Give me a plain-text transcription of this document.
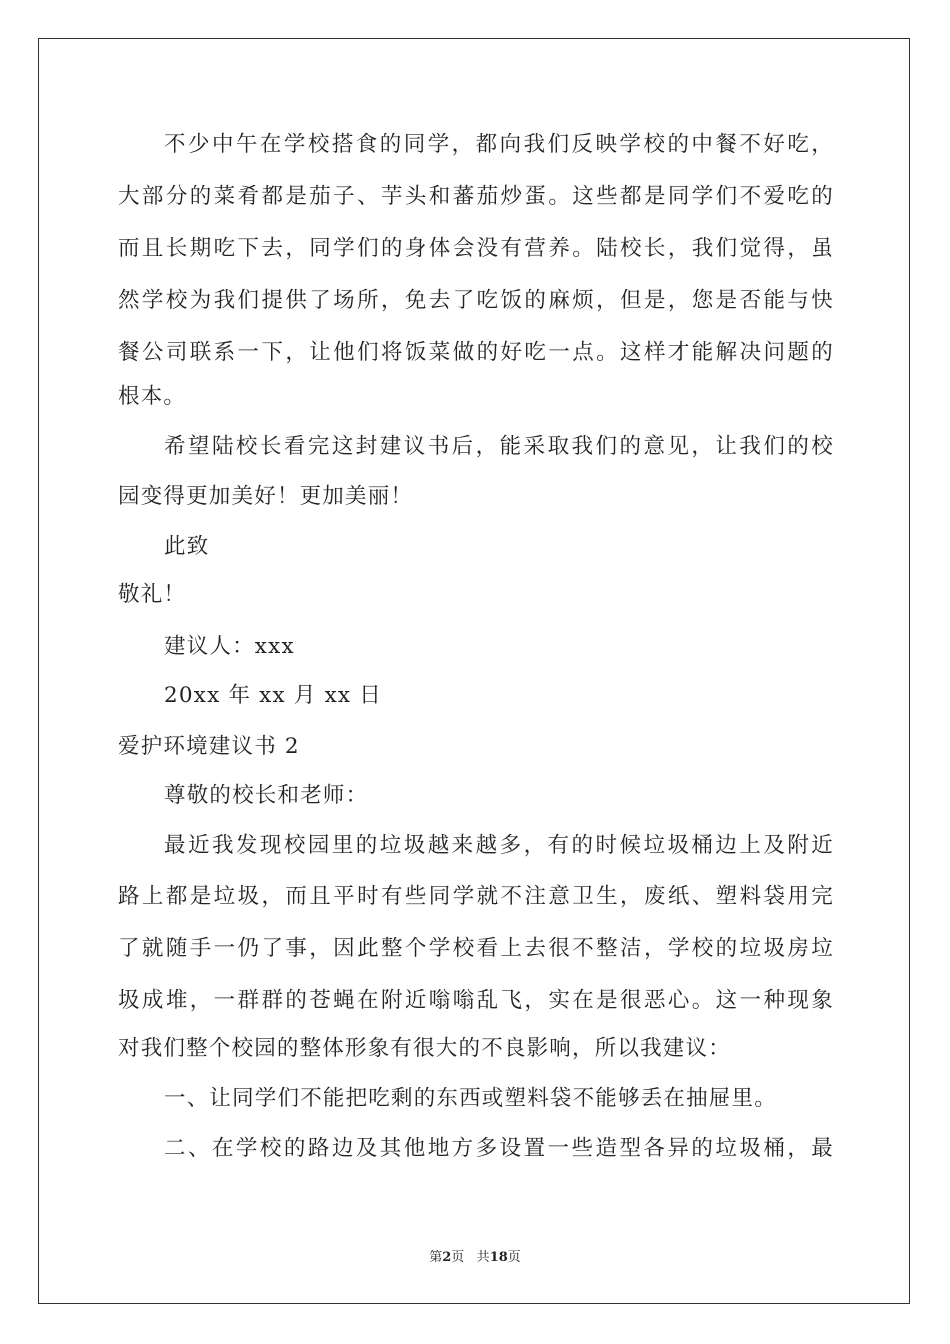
不少中午在学校搭食的同学，都向我们反映学校的中餐不好吃，
大部分的菜肴都是茄子、芋头和蕃茄炒蛋。这些都是同学们不爱吃的
而且长期吃下去，同学们的身体会没有营养。陆校长，我们觉得，虽
然学校为我们提供了场所，免去了吃饭的麻烦，但是，您是否能与快
餐公司联系一下，让他们将饭菜做的好吃一点。这样才能解决问题的
根本。
希望陆校长看完这封建议书后，能采取我们的意见，让我们的校
园变得更加美好！更加美丽！
此致
敬礼！
建议人：xxx
20xx 年 xx 月 xx 日
爱护环境建议书 2
尊敬的校长和老师：
最近我发现校园里的垃圾越来越多，有的时候垃圾桶边上及附近
路上都是垃圾，而且平时有些同学就不注意卫生，废纸、塑料袋用完
了就随手一仍了事，因此整个学校看上去很不整洁，学校的垃圾房垃
圾成堆，一群群的苍蝇在附近嗡嗡乱飞，实在是很恶心。这一种现象
对我们整个校园的整体形象有很大的不良影响，所以我建议：
一、让同学们不能把吃剩的东西或塑料袋不能够丢在抽屉里。
二、在学校的路边及其他地方多设置一些造型各异的垃圾桶，最
第2页 共18页
